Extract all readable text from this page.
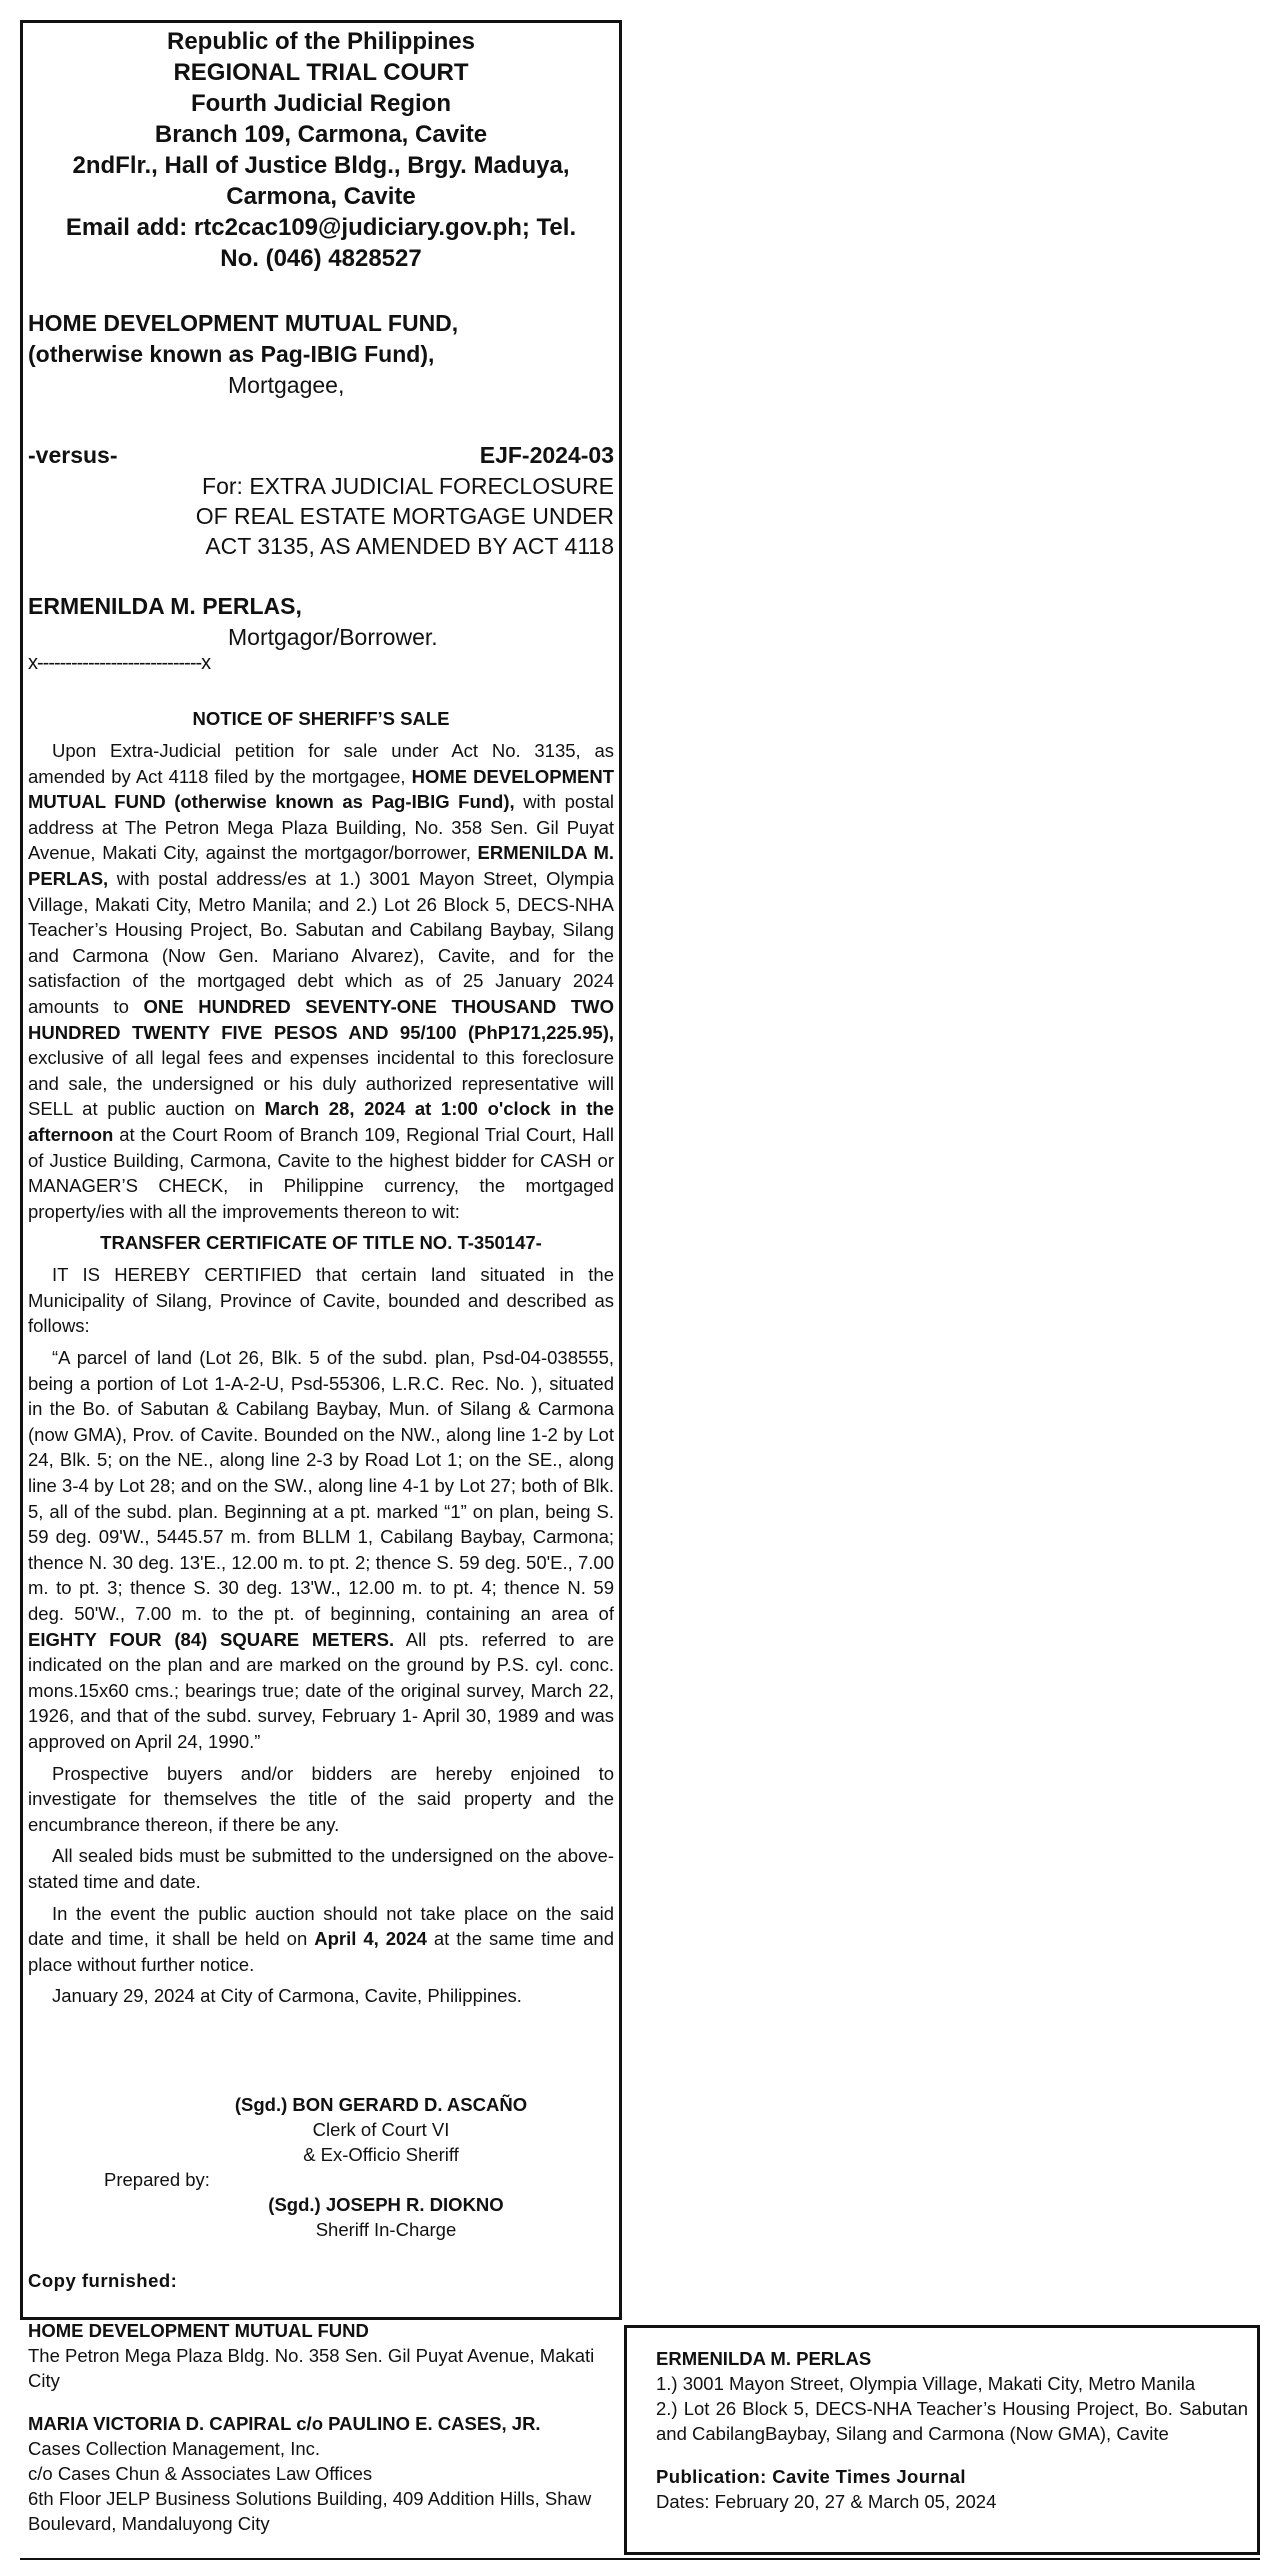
Republic of the Philippines
REGIONAL TRIAL COURT
Fourth Judicial Region
Branch 109, Carmona, Cavite
2ndFlr., Hall of Justice Bldg., Brgy. Maduya,
Carmona, Cavite
Email add: rtc2cac109@judiciary.gov.ph; Tel.
No. (046) 4828527
HOME DEVELOPMENT MUTUAL FUND,
(otherwise known as Pag-IBIG Fund),
Mortgagee,
-versus-	EJF-2024-03
For: EXTRA JUDICIAL FORECLOSURE
OF REAL ESTATE MORTGAGE UNDER
ACT 3135, AS AMENDED BY ACT 4118
ERMENILDA M. PERLAS,
Mortgagor/Borrower.
x-----------------------------x
NOTICE OF SHERIFF’S SALE

Upon Extra-Judicial petition for sale under Act No. 3135, as amended by Act 4118 filed by the mortgagee, HOME DEVELOPMENT MUTUAL FUND (otherwise known as Pag-IBIG Fund), with postal address at The Petron Mega Plaza Building, No. 358 Sen. Gil Puyat Avenue, Makati City, against the mortgagor/borrower, ERMENILDA M. PERLAS, with postal address/es at 1.) 3001 Mayon Street, Olympia Village, Makati City, Metro Manila; and 2.) Lot 26 Block 5, DECS-NHA Teacher’s Housing Project, Bo. Sabutan and Cabilang Baybay, Silang and Carmona (Now Gen. Mariano Alvarez), Cavite, and for the satisfaction of the mortgaged debt which as of 25 January 2024 amounts to ONE HUNDRED SEVENTY-ONE THOUSAND TWO HUNDRED TWENTY FIVE PESOS AND 95/100 (PhP171,225.95), exclusive of all legal fees and expenses incidental to this foreclosure and sale, the undersigned or his duly authorized representative will SELL at public auction on March 28, 2024 at 1:00 o'clock in the afternoon at the Court Room of Branch 109, Regional Trial Court, Hall of Justice Building, Carmona, Cavite to the highest bidder for CASH or MANAGER’S CHECK, in Philippine currency, the mortgaged property/ies with all the improvements thereon to wit:

TRANSFER CERTIFICATE OF TITLE NO. T-350147-

IT IS HEREBY CERTIFIED that certain land situated in the Municipality of Silang, Province of Cavite, bounded and described as follows:

“A parcel of land (Lot 26, Blk. 5 of the subd. plan, Psd-04-038555, being a portion of Lot 1-A-2-U, Psd-55306, L.R.C. Rec. No. ), situated in the Bo. of Sabutan & Cabilang Baybay, Mun. of Silang & Carmona (now GMA), Prov. of Cavite. Bounded on the NW., along line 1-2 by Lot 24, Blk. 5; on the NE., along line 2-3 by Road Lot 1; on the SE., along line 3-4 by Lot 28; and on the SW., along line 4-1 by Lot 27; both of Blk. 5, all of the subd. plan. Beginning at a pt. marked “1” on plan, being S. 59 deg. 09'W., 5445.57 m. from BLLM 1, Cabilang Baybay, Carmona; thence N. 30 deg. 13'E., 12.00 m. to pt. 2; thence S. 59 deg. 50'E., 7.00 m. to pt. 3; thence S. 30 deg. 13'W., 12.00 m. to pt. 4; thence N. 59 deg. 50'W., 7.00 m. to the pt. of beginning, containing an area of EIGHTY FOUR (84) SQUARE METERS. All pts. referred to are indicated on the plan and are marked on the ground by P.S. cyl. conc. mons.15x60 cms.; bearings true; date of the original survey, March 22, 1926, and that of the subd. survey, February 1- April 30, 1989 and was approved on April 24, 1990.”

Prospective buyers and/or bidders are hereby enjoined to investigate for themselves the title of the said property and the encumbrance thereon, if there be any.

All sealed bids must be submitted to the undersigned on the above-stated time and date.

In the event the public auction should not take place on the said date and time, it shall be held on April 4, 2024 at the same time and place without further notice.

January 29, 2024 at City of Carmona, Cavite, Philippines.

(Sgd.) BON GERARD D. ASCAÑO
Clerk of Court VI
& Ex-Officio Sheriff
Prepared by:
(Sgd.) JOSEPH R. DIOKNO
Sheriff In-Charge
Copy furnished:
HOME DEVELOPMENT MUTUAL FUND
The Petron Mega Plaza Bldg. No. 358 Sen. Gil Puyat Avenue, Makati City
MARIA VICTORIA D. CAPIRAL c/o PAULINO E. CASES, JR.
Cases Collection Management, Inc.
c/o Cases Chun & Associates Law Offices
6th Floor JELP Business Solutions Building, 409 Addition Hills, Shaw Boulevard, Mandaluyong City
ERMENILDA M. PERLAS
1.) 3001 Mayon Street, Olympia Village, Makati City, Metro Manila
2.) Lot 26 Block 5, DECS-NHA Teacher’s Housing Project, Bo. Sabutan and CabilangBaybay, Silang and Carmona (Now GMA), Cavite
Publication: Cavite Times Journal
Dates: February 20, 27 & March 05, 2024
